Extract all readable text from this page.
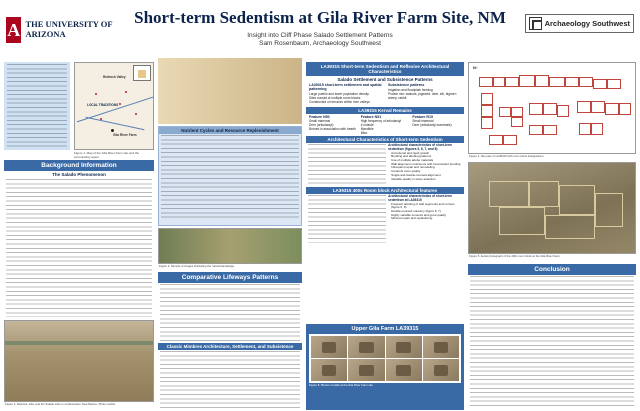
A THE UNIVERSITY OF ARIZONA
Short-term Sedentism at Gila River Farm Site, NM
Insight into Cliff Phase Salado Settlement Patterns
Sam Rosenbaum, Archaeology Southwest
Archaeology Southwest
Redrock Valley
LOCAL TRADITIONS
Gila River Farm
Figure 1. Map of the Gila River Farm site and the surrounding region
Background Information
The Salado Phenomenon
Figure 2. Redrock, Gila, and the Salado sites in southwestern New Mexico. Photo credits.
Nutrient Cycles and Resource Replenishment
Figure 3. Sample of images illustrating the natural landscape
Comparative Lifeways Patterns
Classic Mimbres Architecture, Settlement, and Subsistence
LA39315 Short-term Sedentism and Reflexive Architectural Characteristics
Salado Settlement and Subsistence Patterns
LA39315 short-term settlement and spatial patterning
Large pueblo and lower population density
Sites consist of multiple room blocks
Constructed on terraces within river valleys
Subsistence patterns
Irrigation and floodplain farming
Protein mix: walnuts, pigweed, deer, elk, bighorn sheep, rabbit
LA39315 Kerval Remains
Feature N50
Small mammal
Deer (artiodactyl)
Burned in association with hearth
Feature N51
High frequency of artiodactyl
# outside
Mandible
Misc
Feature R19
Small mammal
Deer (artiodactyl mammals)
Architectural Characteristics of Short-term Sedentism
Architectural characteristics of short-term sedentism (figures 5, 6, 7, and 8)
Accretional and rapid growth
Bonding and abutting patterns
Use of multiple adobe materials
Wall alignment continuous with inconsistent bonding
Infrequent repair and remodeling
Contents room quality
Single and double-coursed alignment
Variable quality in stone selection
LA39315 400s Room block Architectural features
Architectural characteristics of short-term sedentism at LA39315
Frequent abutting of wall segments and corners (figure 6, 8)
Double-coursed masonry (figure 6, 7)
Highly variable cements and grout quality
Minimal repair and replastering
Upper Gila Farm LA39315
Figure 8. Photos of walls at the Gila River Farm site
N↑
Figure 4. Site plan of LA39315 with room block designations
Figure 5. Aerial photograph of the 400s room block at the Gila River Farm
Conclusion
